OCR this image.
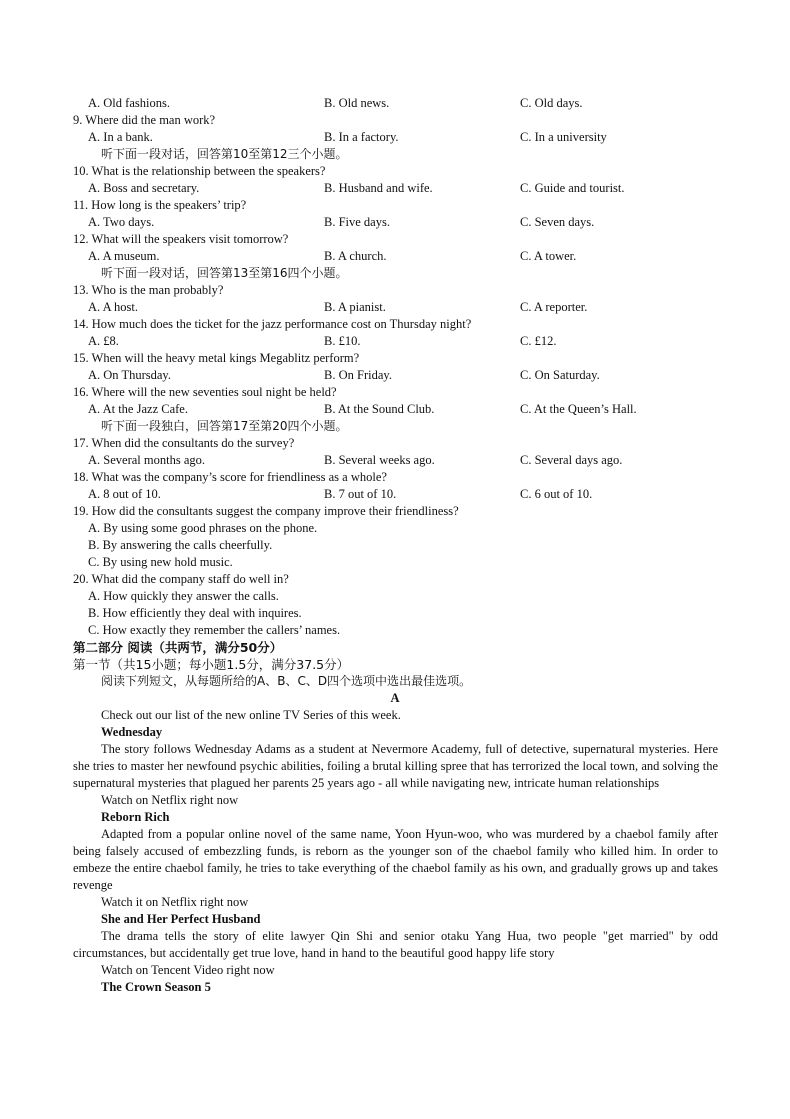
A. Old fashions.	B. Old news.	C. Old days.
9. Where did the man work?
A. In a bank.	B. In a factory.	C. In a university
听下面一段对话，回答第10至第12三个小题。
10. What is the relationship between the speakers?
A. Boss and secretary.	B. Husband and wife.	C. Guide and tourist.
11. How long is the speakers’ trip?
A. Two days.	B. Five days.	C. Seven days.
12. What will the speakers visit tomorrow?
A. A museum.	B. A church.	C. A tower.
听下面一段对话，回答第13至第16四个小题。
13. Who is the man probably?
A. A host.	B. A pianist.	C. A reporter.
14. How much does the ticket for the jazz performance cost on Thursday night?
A. £8.	B. £10.	C. £12.
15. When will the heavy metal kings Megablitz perform?
A. On Thursday.	B. On Friday.	C. On Saturday.
16. Where will the new seventies soul night be held?
A. At the Jazz Cafe.	B. At the Sound Club.	C. At the Queen’s Hall.
听下面一段独白，回答第17至第20四个小题。
17. When did the consultants do the survey?
A. Several months ago.	B. Several weeks ago.	C. Several days ago.
18. What was the company’s score for friendliness as a whole?
A. 8 out of 10.	B. 7 out of 10.	C. 6 out of 10.
19. How did the consultants suggest the company improve their friendliness?
A. By using some good phrases on the phone.
B. By answering the calls cheerfully.
C. By using new hold music.
20. What did the company staff do well in?
A. How quickly they answer the calls.
B. How efficiently they deal with inquires.
C. How exactly they remember the callers’ names.
第二部分 阅读（共两节，满分50分）
第一节（共15小题；每小题1.5分，满分37.5分）
阅读下列短文，从每题所给的A、B、C、D四个选项中选出最佳选项。
A
Check out our list of the new online TV Series of this week.
Wednesday
The story follows Wednesday Adams as a student at Nevermore Academy, full of detective, supernatural mysteries. Here she tries to master her newfound psychic abilities, foiling a brutal killing spree that has terrorized the local town, and solving the supernatural mysteries that plagued her parents 25 years ago - all while navigating new, intricate human relationships
Watch on Netflix right now
Reborn Rich
Adapted from a popular online novel of the same name, Yoon Hyun-woo, who was murdered by a chaebol family after being falsely accused of embezzling funds, is reborn as the younger son of the chaebol family who killed him. In order to embeze the entire chaebol family, he tries to take everything of the chaebol family as his own, and gradually grows up and takes revenge
Watch it on Netflix right now
She and Her Perfect Husband
The drama tells the story of elite lawyer Qin Shi and senior otaku Yang Hua, two people "get married" by odd circumstances, but accidentally get true love, hand in hand to the beautiful good happy life story
Watch on Tencent Video right now
The Crown Season 5
